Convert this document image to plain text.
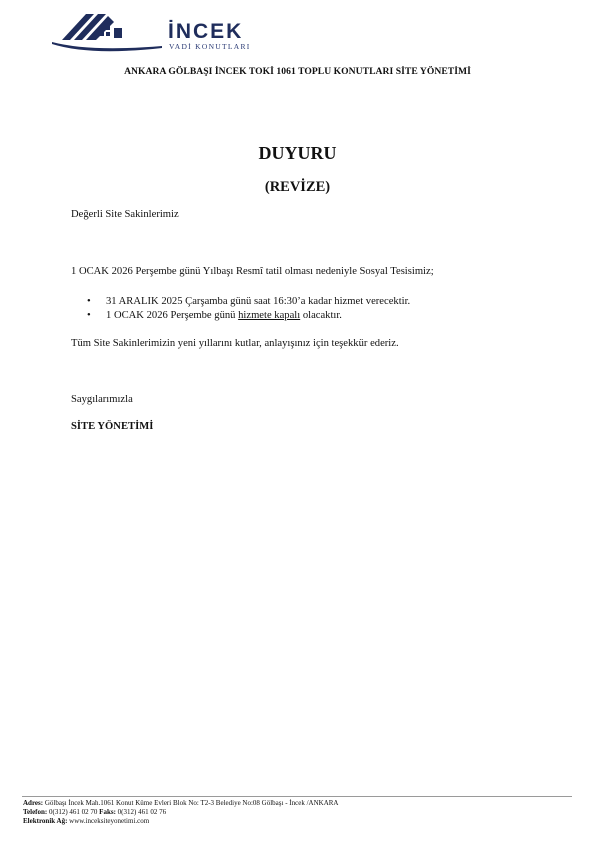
İNCEK
VADİ KONUTLARI
ANKARA GÖLBAŞI İNCEK TOKİ 1061 TOPLU KONUTLARI SİTE YÖNETİMİ
DUYURU
(REVİZE)
Değerli Site Sakinlerimiz
1 OCAK 2026 Perşembe günü Yılbaşı Resmî tatil olması nedeniyle Sosyal Tesisimiz;
• 31 ARALIK 2025 Çarşamba günü saat 16:30’a kadar hizmet verecektir.
• 1 OCAK 2026 Perşembe günü hizmete kapalı olacaktır.
Tüm Site Sakinlerimizin yeni yıllarını kutlar, anlayışınız için teşekkür ederiz.
Saygılarımızla
SİTE YÖNETİMİ
Adres: Gölbaşı İncek Mah.1061 Konut Küme Evleri Blok No: T2-3 Belediye No:08 Gölbaşı - İncek /ANKARA
Telefon: 0(312) 461 02 70 Faks: 0(312) 461 02 76
Elektronik Ağ: www.inceksiteyonetimi.com
